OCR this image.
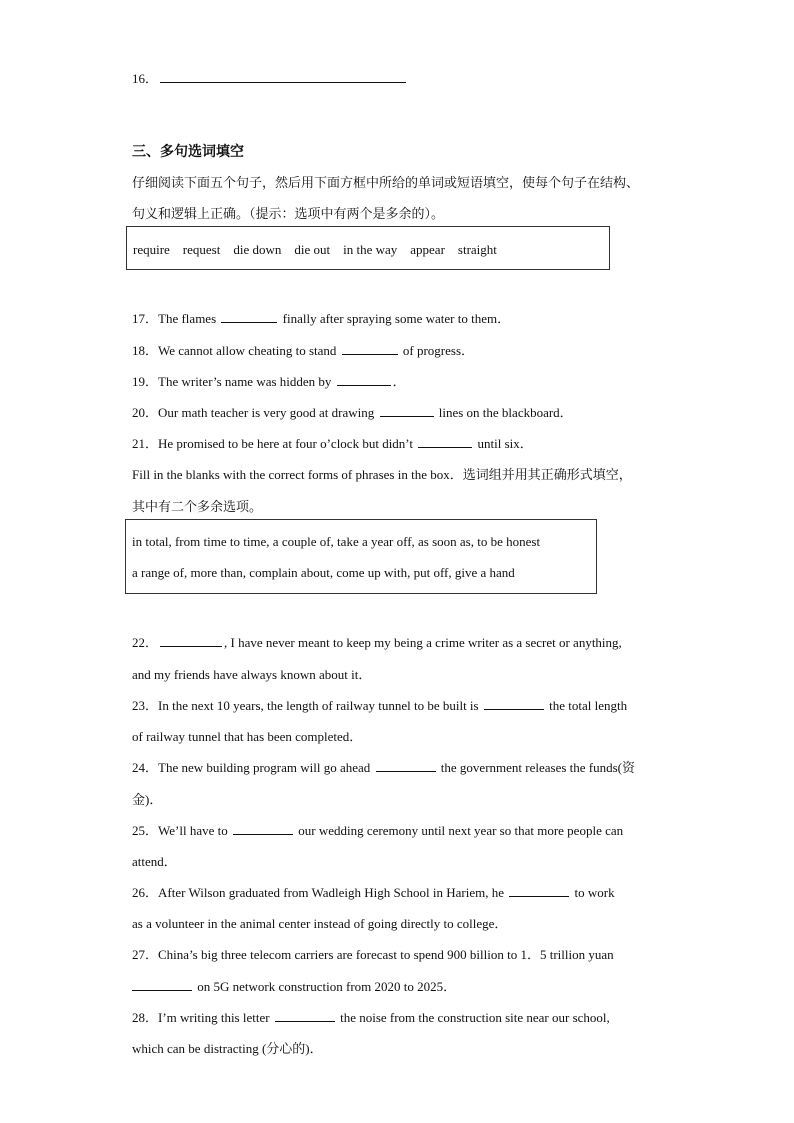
16．
三、多句选词填空
仔细阅读下面五个句子，然后用下面方框中所给的单词或短语填空，使每个句子在结构、
句义和逻辑上正确。（提示：选项中有两个是多余的）。
require    request    die down    die out    in the way    appear    straight
17．The flames	finally after spraying some water to them．
18．We cannot allow cheating to stand	of progress．
19．The writer’s name was hidden by	．
20．Our math teacher is very good at drawing	lines on the blackboard．
21．He promised to be here at four o’clock but didn’t	until six．
Fill in the blanks with the correct forms of phrases in the box．选词组并用其正确形式填空，
其中有二个多余选项。
in total, from time to time, a couple of, take a year off, as soon as, to be honest
a range of, more than, complain about, come up with, put off, give a hand
22．	, I have never meant to keep my being a crime writer as a secret or anything,
and my friends have always known about it．
23．In the next 10 years, the length of railway tunnel to be built is	the total length
of railway tunnel that has been completed．
24．The new building program will go ahead	the government releases the funds(资
金)．
25．We’ll have to	our wedding ceremony until next year so that more people can
attend．
26．After Wilson graduated from Wadleigh High School in Hariem, he	to work
as a volunteer in the animal center instead of going directly to college．
27．China’s big three telecom carriers are forecast to spend 900 billion to 1．5 trillion yuan
on 5G network construction from 2020 to 2025．
28．I’m writing this letter	the noise from the construction site near our school,
which can be distracting (分心的)．
